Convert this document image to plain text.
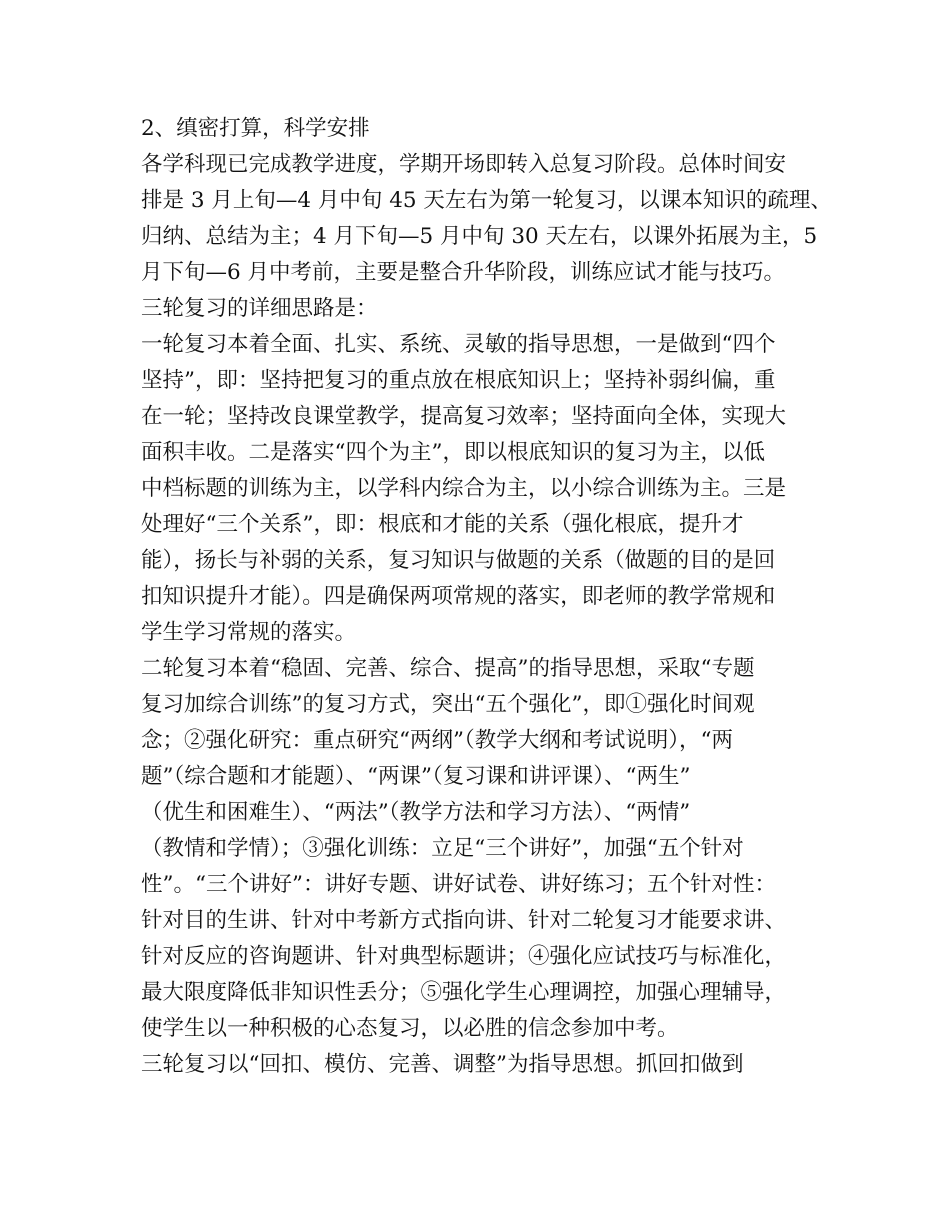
2、缜密打算，科学安排
各学科现已完成教学进度，学期开场即转入总复习阶段。总体时间安
排是 3 月上旬—4 月中旬 45 天左右为第一轮复习，以课本知识的疏理、
归纳、总结为主；4 月下旬—5 月中旬 30 天左右，以课外拓展为主，5
月下旬—6 月中考前，主要是整合升华阶段，训练应试才能与技巧。
三轮复习的详细思路是：
一轮复习本着全面、扎实、系统、灵敏的指导思想，一是做到“四个
坚持”，即：坚持把复习的重点放在根底知识上；坚持补弱纠偏，重
在一轮；坚持改良课堂教学，提高复习效率；坚持面向全体，实现大
面积丰收。二是落实“四个为主”，即以根底知识的复习为主，以低
中档标题的训练为主，以学科内综合为主，以小综合训练为主。三是
处理好“三个关系”，即：根底和才能的关系（强化根底，提升才
能），扬长与补弱的关系，复习知识与做题的关系（做题的目的是回
扣知识提升才能）。四是确保两项常规的落实，即老师的教学常规和
学生学习常规的落实。
二轮复习本着“稳固、完善、综合、提高”的指导思想，采取“专题
复习加综合训练”的复习方式，突出“五个强化”，即①强化时间观
念；②强化研究：重点研究“两纲”（教学大纲和考试说明），“两
题”（综合题和才能题）、“两课”（复习课和讲评课）、“两生”
（优生和困难生）、“两法”（教学方法和学习方法）、“两情”
（教情和学情）；③强化训练：立足“三个讲好”，加强“五个针对
性”。“三个讲好”：讲好专题、讲好试卷、讲好练习；五个针对性：
针对目的生讲、针对中考新方式指向讲、针对二轮复习才能要求讲、
针对反应的咨询题讲、针对典型标题讲；④强化应试技巧与标准化，
最大限度降低非知识性丢分；⑤强化学生心理调控，加强心理辅导，
使学生以一种积极的心态复习，以必胜的信念参加中考。
三轮复习以“回扣、模仿、完善、调整”为指导思想。抓回扣做到
